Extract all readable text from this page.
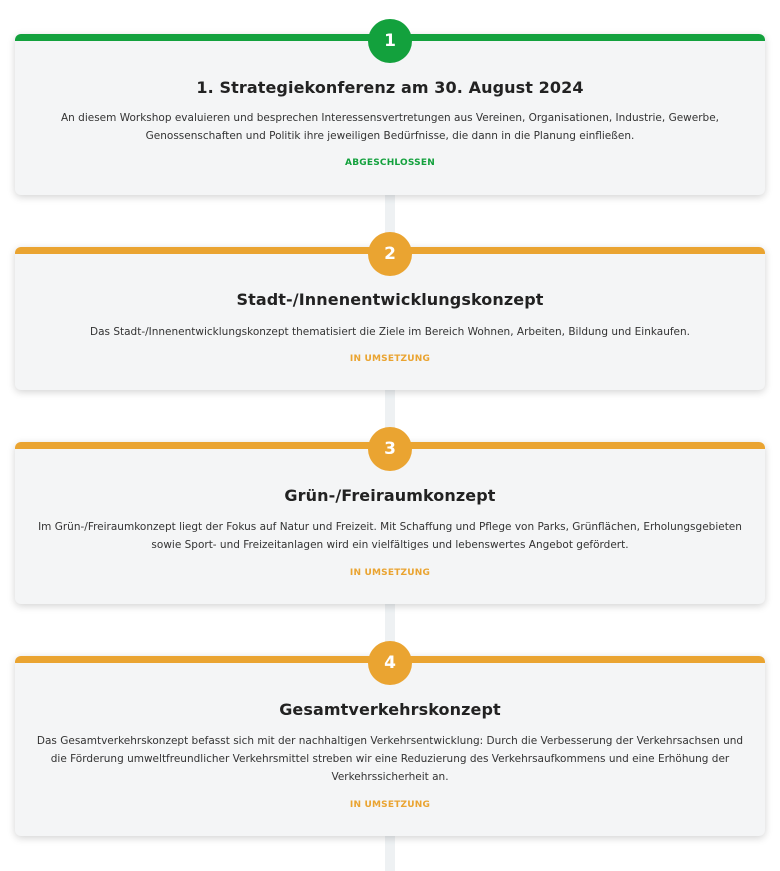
1
1. Strategiekonferenz am 30. August 2024

An diesem Workshop evaluieren und besprechen Interessensvertretungen aus Vereinen, Organisationen, Industrie, Gewerbe, Genossenschaften und Politik ihre jeweiligen Bedürfnisse, die dann in die Planung einfließen.

ABGESCHLOSSEN
2
Stadt-/Innenentwicklungskonzept

Das Stadt-/Innenentwicklungskonzept thematisiert die Ziele im Bereich Wohnen, Arbeiten, Bildung und Einkaufen.

IN UMSETZUNG
3
Grün-/Freiraumkonzept

Im Grün-/Freiraumkonzept liegt der Fokus auf Natur und Freizeit. Mit Schaffung und Pflege von Parks, Grünflächen, Erholungsgebieten sowie Sport- und Freizeitanlagen wird ein vielfältiges und lebenswertes Angebot gefördert.

IN UMSETZUNG
4
Gesamtverkehrskonzept

Das Gesamtverkehrskonzept befasst sich mit der nachhaltigen Verkehrsentwicklung: Durch die Verbesserung der Verkehrsachsen und die Förderung umweltfreundlicher Verkehrsmittel streben wir eine Reduzierung des Verkehrsaufkommens und eine Erhöhung der Verkehrssicherheit an.

IN UMSETZUNG
